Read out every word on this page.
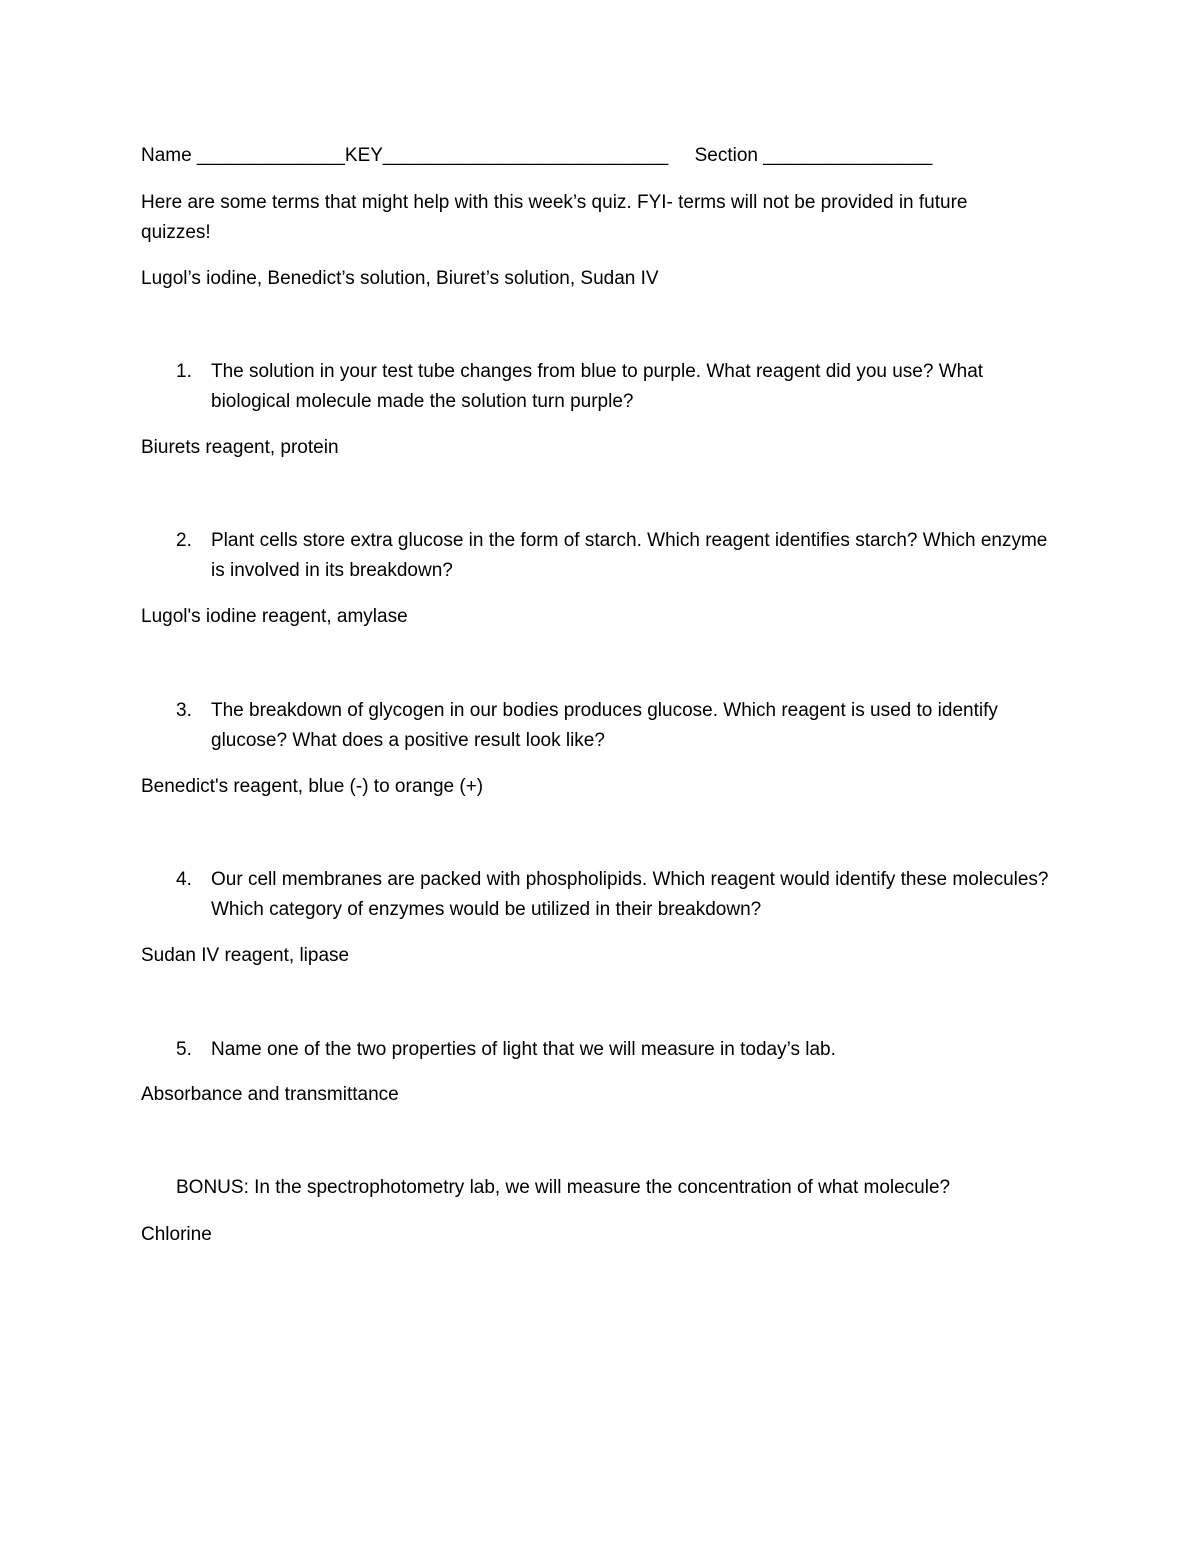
Name ______________KEY___________________________     Section ________________
Here are some terms that might help with this week’s quiz. FYI- terms will not be provided in future quizzes!
Lugol’s iodine, Benedict’s solution, Biuret’s solution, Sudan IV
1. The solution in your test tube changes from blue to purple. What reagent did you use? What biological molecule made the solution turn purple?
Biurets reagent, protein
2. Plant cells store extra glucose in the form of starch. Which reagent identifies starch? Which enzyme is involved in its breakdown?
Lugol's iodine reagent, amylase
3. The breakdown of glycogen in our bodies produces glucose. Which reagent is used to identify glucose? What does a positive result look like?
Benedict's reagent, blue (-) to orange (+)
4. Our cell membranes are packed with phospholipids. Which reagent would identify these molecules? Which category of enzymes would be utilized in their breakdown?
Sudan IV reagent, lipase
5. Name one of the two properties of light that we will measure in today’s lab.
Absorbance and transmittance
BONUS: In the spectrophotometry lab, we will measure the concentration of what molecule?
Chlorine
